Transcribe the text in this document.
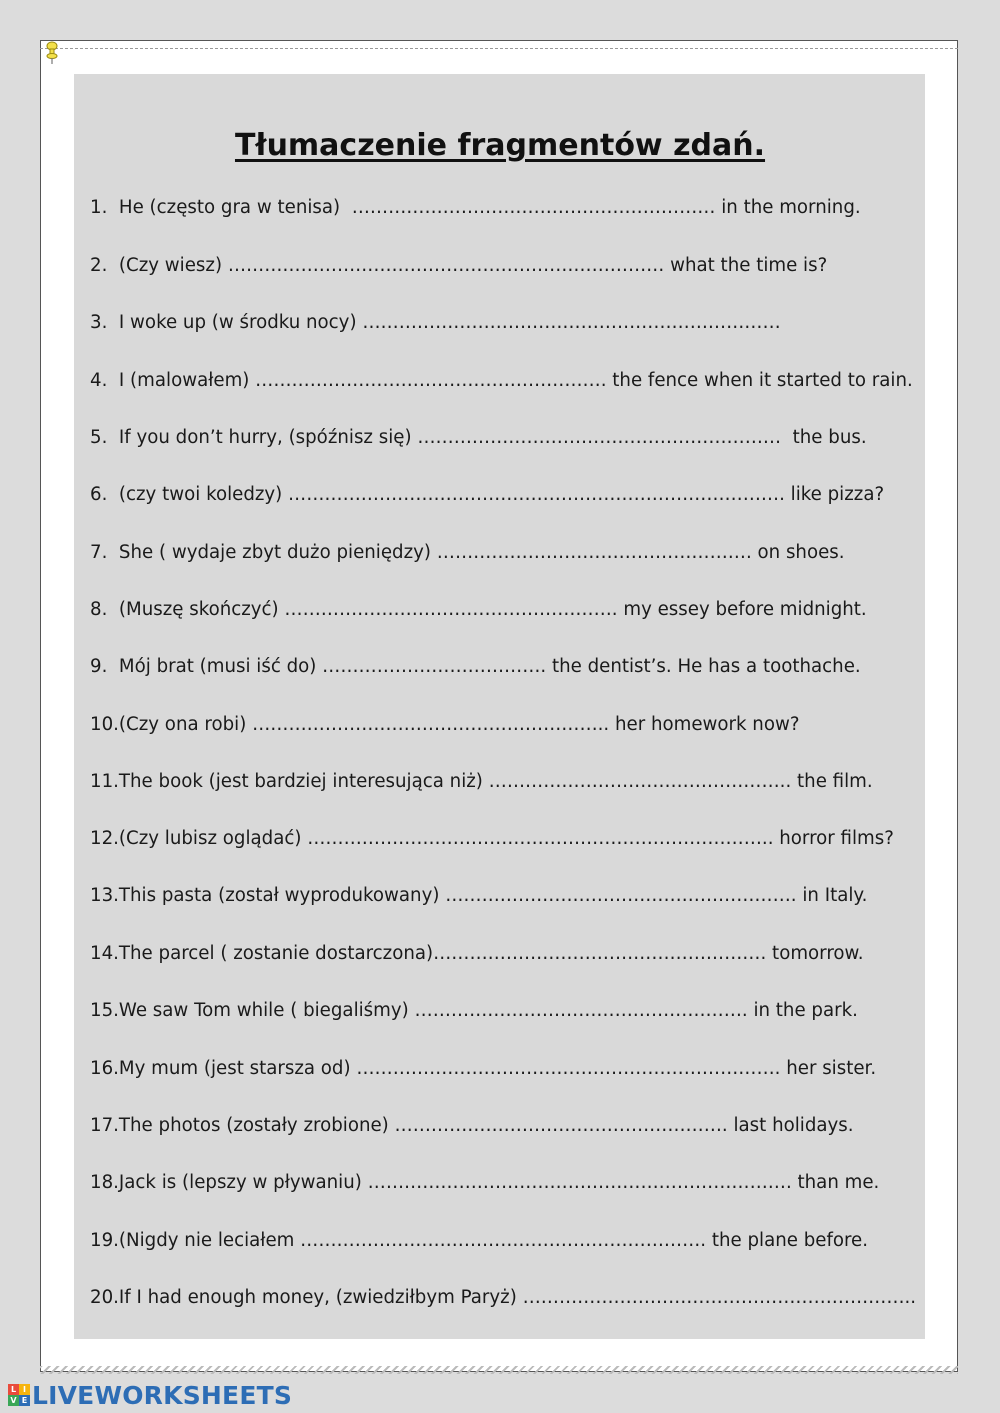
Tłumaczenie fragmentów zdań.
1.  He (często gra w tenisa)  …………………………………………………… in the morning.
2.  (Czy wiesz) ……………………………………………………………… what the time is?
3.  I woke up (w środku nocy) ……………………………………………………………
4.  I (malowałem) …………………………………………………. the fence when it started to rain.
5.  If you don’t hurry, (spóźnisz się) ……………………………………………………  the bus.
6.  (czy twoi koledzy) ………………………………………………………………………. like pizza?
7.  She ( wydaje zbyt dużo pieniędzy) ……………………………………………. on shoes.
8.  (Muszę skończyć) ………………………………………………. my essey before midnight.
9.  Mój brat (musi iść do) ………………………………. the dentist’s. He has a toothache.
10.(Czy ona robi) ………………………………………………….. her homework now?
11.The book (jest bardziej interesująca niż) ………………………………………….. the film.
12.(Czy lubisz oglądać) ………………………………………………………………….. horror films?
13.This pasta (został wyprodukowany) …………………………………………………. in Italy.
14.The parcel ( zostanie dostarczona)………………………………………………. tomorrow.
15.We saw Tom while ( biegaliśmy) ………………………………………………. in the park.
16.My mum (jest starsza od) ……………………………………………………………. her sister.
17.The photos (zostały zrobione) ………………………………………………. last holidays.
18.Jack is (lepszy w pływaniu) ……………………………………………………………. than me.
19.(Nigdy nie leciałem …………………………………………………………. the plane before.
20.If I had enough money, (zwiedziłbym Paryż) ………………………………………………………..
L I
V E LIVEWORKSHEETS
